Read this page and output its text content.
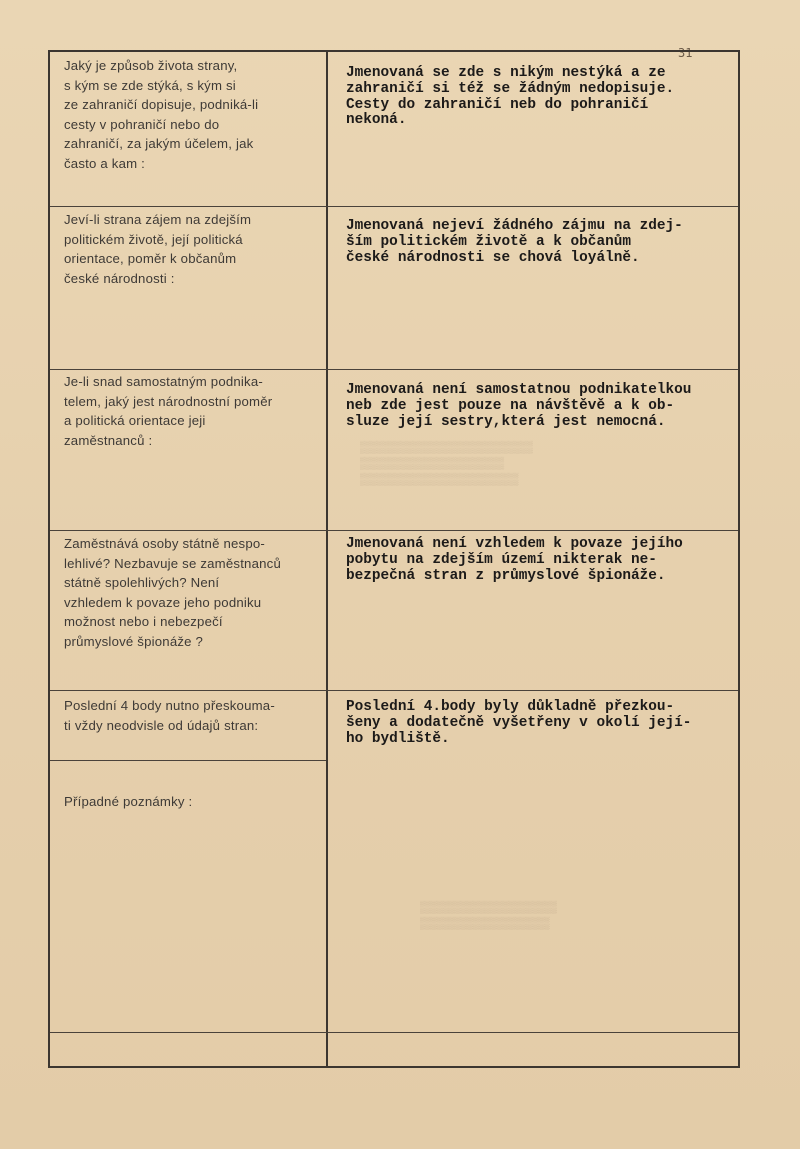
31
Jaký je způsob života strany,
s kým se zde stýká, s kým si
ze zahraničí dopisuje, podniká-li
cesty v pohraničí nebo do
zahraničí, za jakým účelem, jak
často a kam :
Jmenovaná se zde s nikým nestýká a ze
zahraničí si též se žádným nedopisuje.
Cesty do zahraničí neb do pohraničí
nekoná.
Jeví-li strana zájem na zdejším
politickém životě, její politická
orientace, poměr k občanům
české národnosti :
Jmenovaná nejeví žádného zájmu na zdej-
ším politickém životě a k občanům
české národnosti se chová loyálně.
Je-li snad samostatným podnika-
telem, jaký jest národnostní poměr
a politická orientace jeji
zaměstnanců :
Jmenovaná není samostatnou podnikatelkou
neb zde jest pouze na návštěvě a k ob-
sluze její sestry,která jest nemocná.
Zaměstnává osoby státně nespo-
lehlivé? Nezbavuje se zaměstnanců
státně spolehlivých? Není
vzhledem k povaze jeho podniku
možnost nebo i nebezpečí
průmyslové špionáže ?
Jmenovaná není vzhledem k povaze jejího
pobytu na zdejším území nikterak ne-
bezpečná stran z průmyslové špionáže.
Poslední 4 body nutno přeskouma-
ti vždy neodvisle od údajů stran:
Poslední 4.body byly důkladně přezkou-
šeny a dodatečně vyšetřeny v okolí její-
ho bydliště.
Případné poznámky :
▒▒▒▒▒▒▒▒▒▒▒▒▒▒▒▒▒▒▒▒▒▒▒▒
▒▒▒▒▒▒▒▒▒▒▒▒▒▒▒▒▒▒▒▒
▒▒▒▒▒▒▒▒▒▒▒▒▒▒▒▒▒▒▒▒▒▒
▒▒▒▒▒▒▒▒▒▒▒▒▒▒▒▒▒▒▒
▒▒▒▒▒▒▒▒▒▒▒▒▒▒▒▒▒▒
